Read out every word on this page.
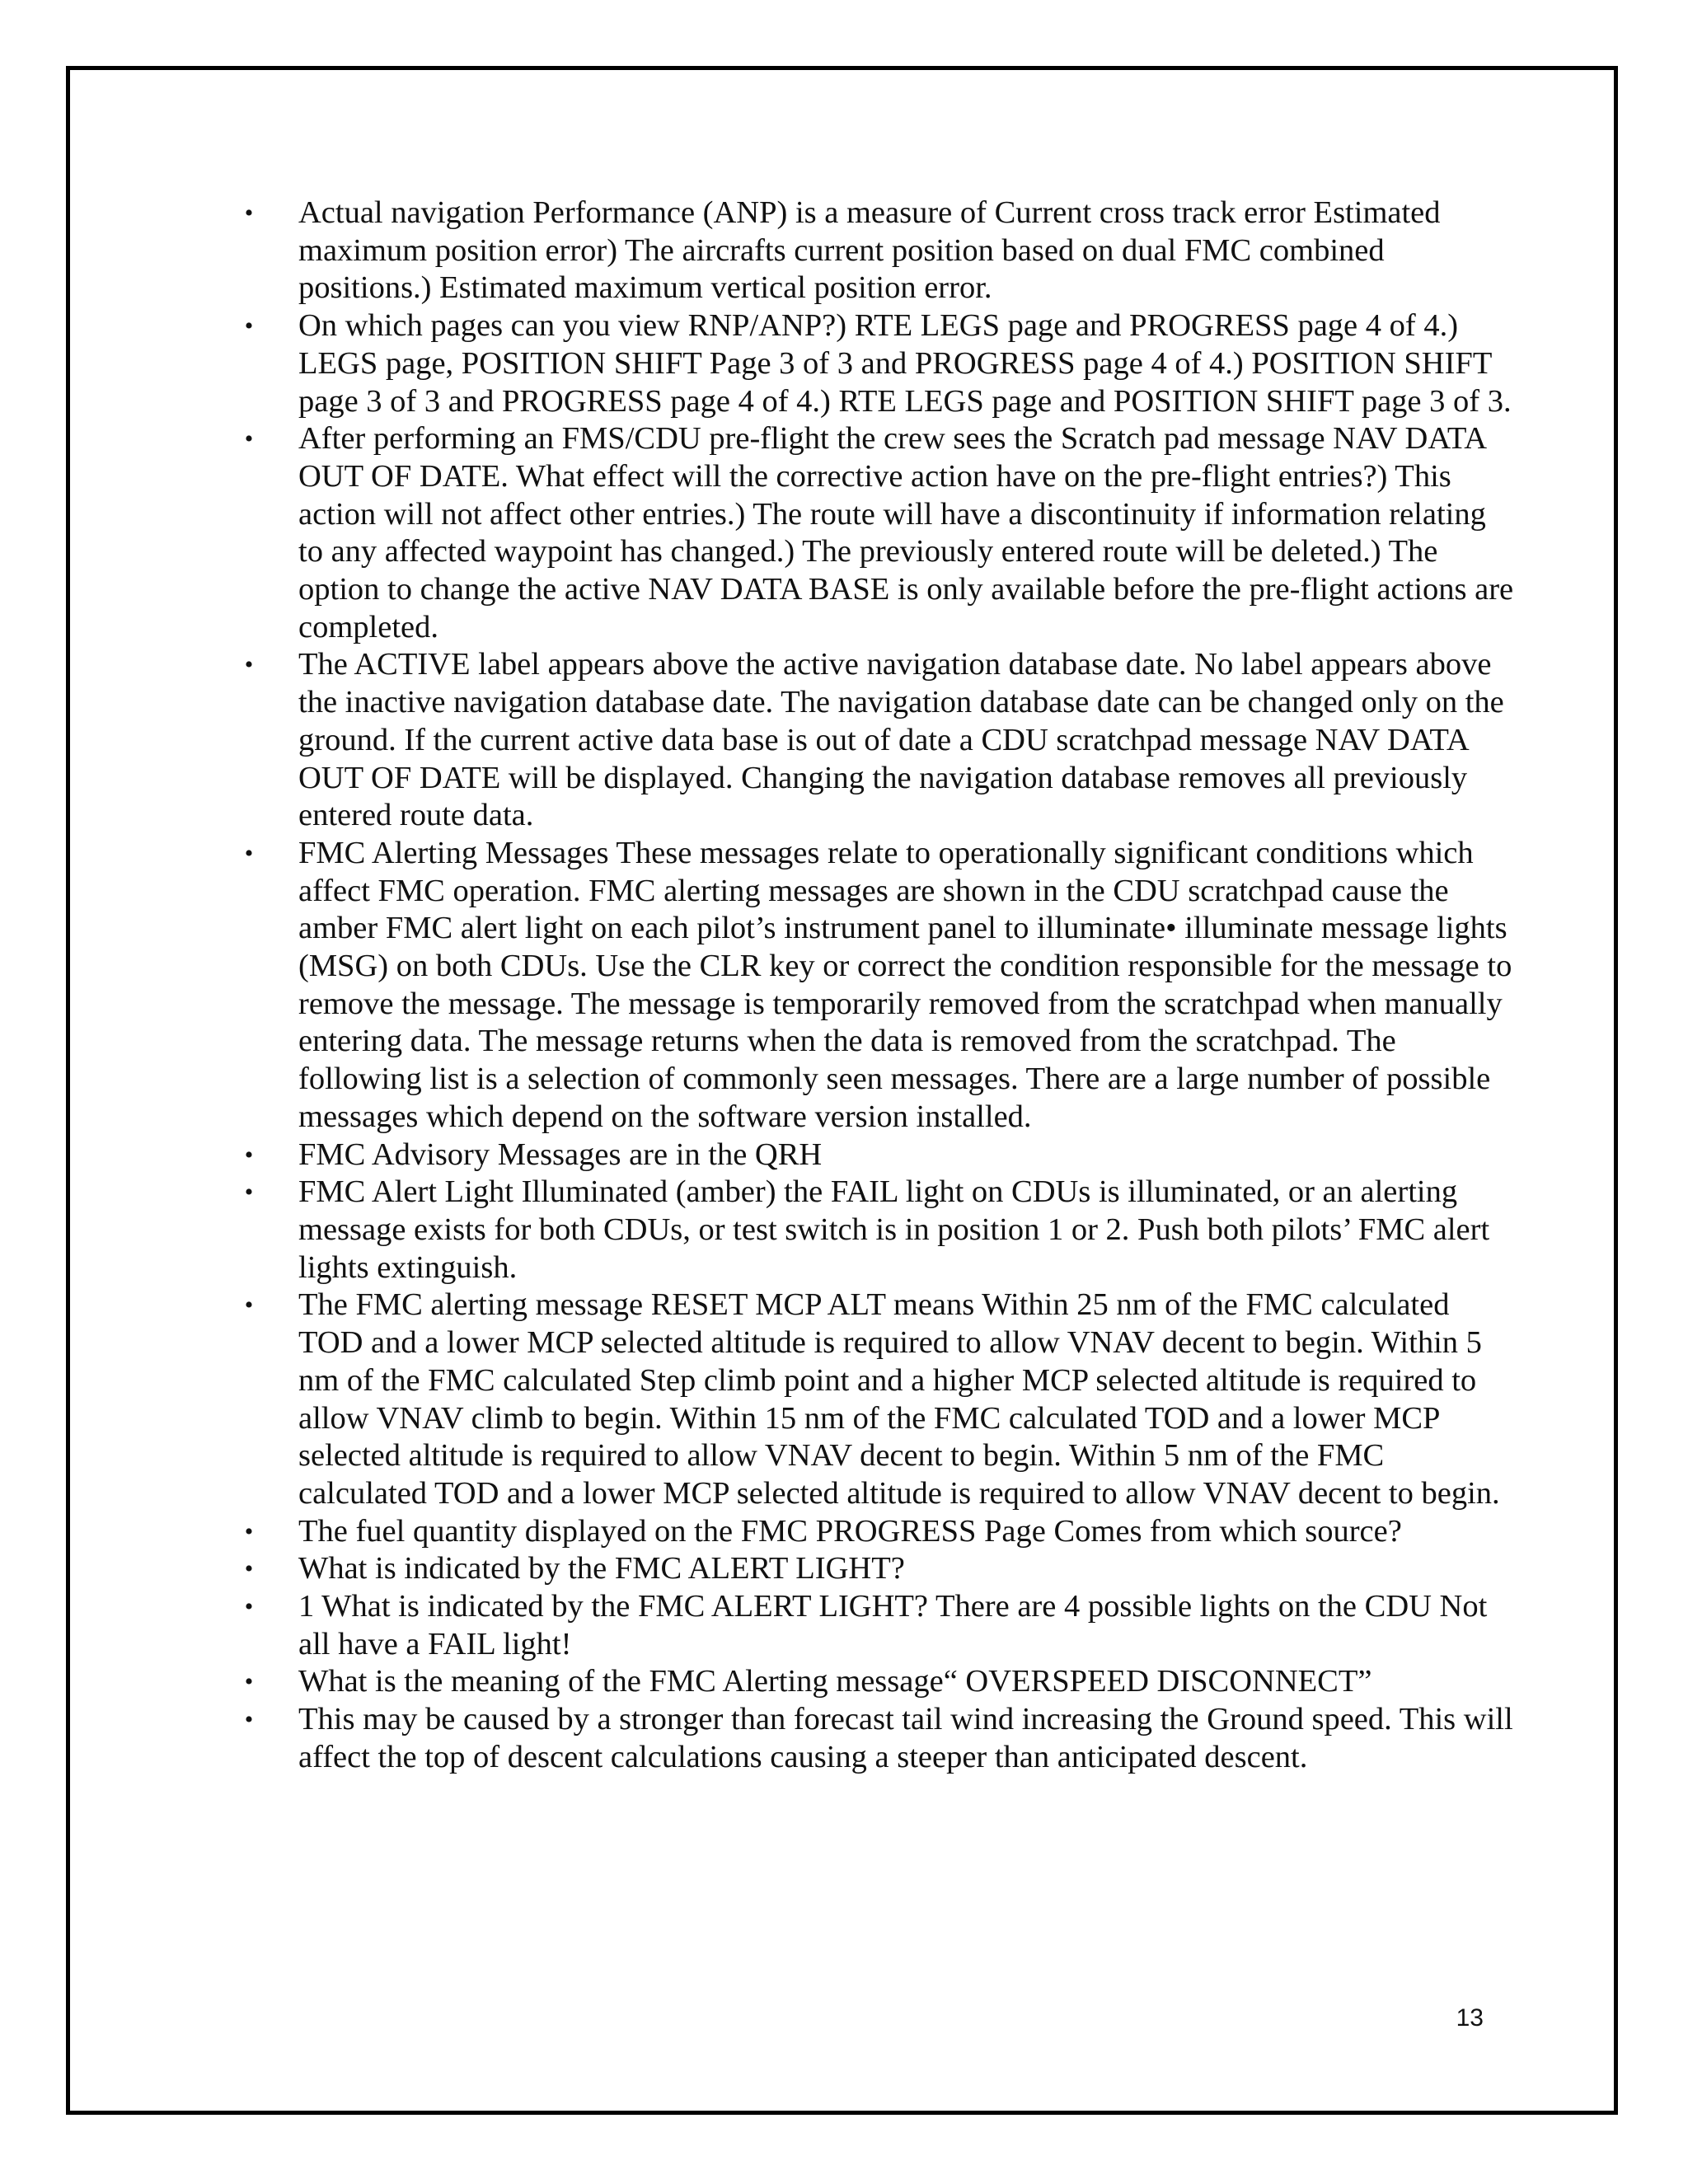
• Actual navigation Performance (ANP) is a measure of Current cross track error Estimated maximum position error) The aircrafts current position based on dual FMC combined positions.) Estimated maximum vertical position error.
• On which pages can you view RNP/ANP?) RTE LEGS page and PROGRESS page 4 of 4.) LEGS page, POSITION SHIFT Page 3 of 3 and PROGRESS page 4 of 4.) POSITION SHIFT page 3 of 3 and PROGRESS page 4 of 4.) RTE LEGS page and POSITION SHIFT page 3 of 3.
• After performing an FMS/CDU pre-flight the crew sees the Scratch pad message NAV DATA OUT OF DATE. What effect will the corrective action have on the pre-flight entries?) This action will not affect other entries.) The route will have a discontinuity if information relating to any affected waypoint has changed.) The previously entered route will be deleted.) The option to change the active NAV DATA BASE is only available before the pre-flight actions are completed.
• The ACTIVE label appears above the active navigation database date. No label appears above the inactive navigation database date. The navigation database date can be changed only on the ground. If the current active data base is out of date a CDU scratchpad message NAV DATA OUT OF DATE will be displayed. Changing the navigation database removes all previously entered route data.
• FMC Alerting Messages These messages relate to operationally significant conditions which affect FMC operation. FMC alerting messages are shown in the CDU scratchpad cause the amber FMC alert light on each pilot’s instrument panel to illuminate• illuminate message lights (MSG) on both CDUs. Use the CLR key or correct the condition responsible for the message to remove the message. The message is temporarily removed from the scratchpad when manually entering data. The message returns when the data is removed from the scratchpad. The following list is a selection of commonly seen messages. There are a large number of possible messages which depend on the software version installed.
• FMC Advisory Messages are in the QRH
• FMC Alert Light Illuminated (amber) the FAIL light on CDUs is illuminated, or an alerting message exists for both CDUs, or test switch is in position 1 or 2. Push both pilots’ FMC alert lights extinguish.
• The FMC alerting message RESET MCP ALT means Within 25 nm of the FMC calculated TOD and a lower MCP selected altitude is required to allow VNAV decent to begin. Within 5 nm of the FMC calculated Step climb point and a higher MCP selected altitude is required to allow VNAV climb to begin. Within 15 nm of the FMC calculated TOD and a lower MCP selected altitude is required to allow VNAV decent to begin. Within 5 nm of the FMC calculated TOD and a lower MCP selected altitude is required to allow VNAV decent to begin.
• The fuel quantity displayed on the FMC PROGRESS Page Comes from which source?
• What is indicated by the FMC ALERT LIGHT?
• 1 What is indicated by the FMC ALERT LIGHT? There are 4 possible lights on the CDU Not all have a FAIL light!
• What is the meaning of the FMC Alerting message“ OVERSPEED DISCONNECT”
• This may be caused by a stronger than forecast tail wind increasing the Ground speed. This will affect the top of descent calculations causing a steeper than anticipated descent.
13
